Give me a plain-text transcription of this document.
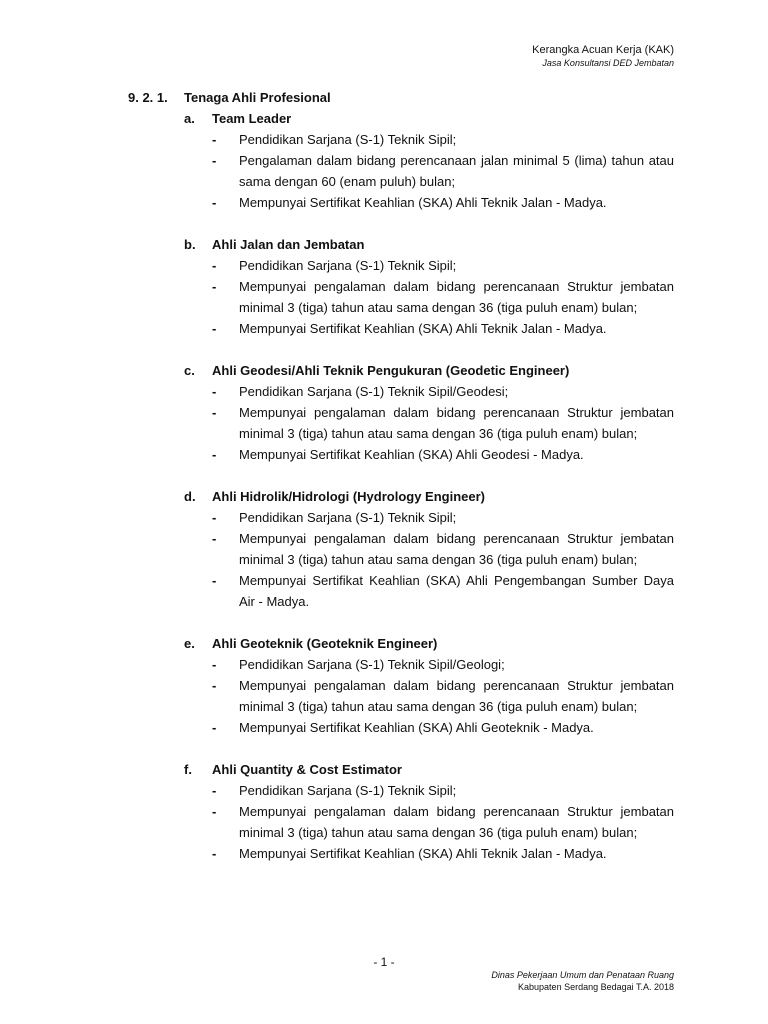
Kerangka Acuan Kerja (KAK)
Jasa Konsultansi DED Jembatan
9. 2. 1. Tenaga Ahli Profesional
a. Team Leader
- Pendidikan Sarjana (S-1) Teknik Sipil;
- Pengalaman dalam bidang perencanaan jalan minimal 5 (lima) tahun atau sama dengan 60 (enam puluh) bulan;
- Mempunyai Sertifikat Keahlian (SKA) Ahli Teknik Jalan - Madya.
b. Ahli Jalan dan Jembatan
- Pendidikan Sarjana (S-1) Teknik Sipil;
- Mempunyai pengalaman dalam bidang perencanaan Struktur jembatan minimal 3 (tiga) tahun atau sama dengan 36 (tiga puluh enam) bulan;
- Mempunyai Sertifikat Keahlian (SKA) Ahli Teknik Jalan - Madya.
c. Ahli Geodesi/Ahli Teknik Pengukuran (Geodetic Engineer)
- Pendidikan Sarjana (S-1) Teknik Sipil/Geodesi;
- Mempunyai pengalaman dalam bidang perencanaan Struktur jembatan minimal 3 (tiga) tahun atau sama dengan 36 (tiga puluh enam) bulan;
- Mempunyai Sertifikat Keahlian (SKA) Ahli Geodesi - Madya.
d. Ahli Hidrolik/Hidrologi (Hydrology Engineer)
- Pendidikan Sarjana (S-1) Teknik Sipil;
- Mempunyai pengalaman dalam bidang perencanaan Struktur jembatan minimal 3 (tiga) tahun atau sama dengan 36 (tiga puluh enam) bulan;
- Mempunyai Sertifikat Keahlian (SKA) Ahli Pengembangan Sumber Daya Air - Madya.
e. Ahli Geoteknik (Geoteknik Engineer)
- Pendidikan Sarjana (S-1) Teknik Sipil/Geologi;
- Mempunyai pengalaman dalam bidang perencanaan Struktur jembatan minimal 3 (tiga) tahun atau sama dengan 36 (tiga puluh enam) bulan;
- Mempunyai Sertifikat Keahlian (SKA) Ahli Geoteknik - Madya.
f. Ahli Quantity & Cost Estimator
- Pendidikan Sarjana (S-1) Teknik Sipil;
- Mempunyai pengalaman dalam bidang perencanaan Struktur jembatan minimal 3 (tiga) tahun atau sama dengan 36 (tiga puluh enam) bulan;
- Mempunyai Sertifikat Keahlian (SKA) Ahli Teknik Jalan - Madya.
- 1 -
Dinas Pekerjaan Umum dan Penataan Ruang
Kabupaten Serdang Bedagai T.A. 2018
